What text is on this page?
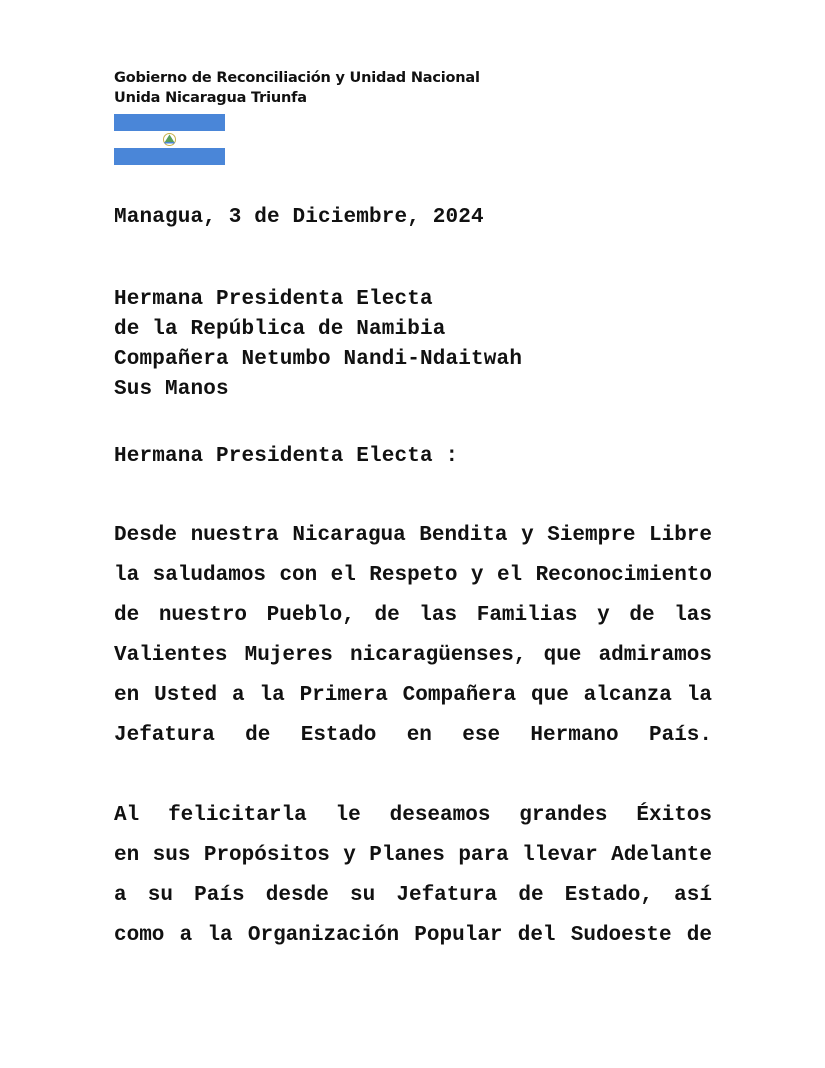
Gobierno de Reconciliación y Unidad Nacional
Unida Nicaragua Triunfa
Managua, 3 de Diciembre, 2024
Hermana Presidenta Electa
de la República de Namibia
Compañera Netumbo Nandi-Ndaitwah
Sus Manos
Hermana Presidenta Electa :
Desde nuestra Nicaragua Bendita y Siempre Libre
la saludamos con el Respeto y el Reconocimiento
de nuestro Pueblo, de las Familias y de las
Valientes Mujeres nicaragüenses, que admiramos
en Usted a la Primera Compañera que alcanza la
Jefatura de Estado en ese Hermano País.
Al felicitarla le deseamos grandes Éxitos
en sus Propósitos y Planes para llevar Adelante
a su País desde su Jefatura de Estado, así
como a la Organización Popular del Sudoeste de
